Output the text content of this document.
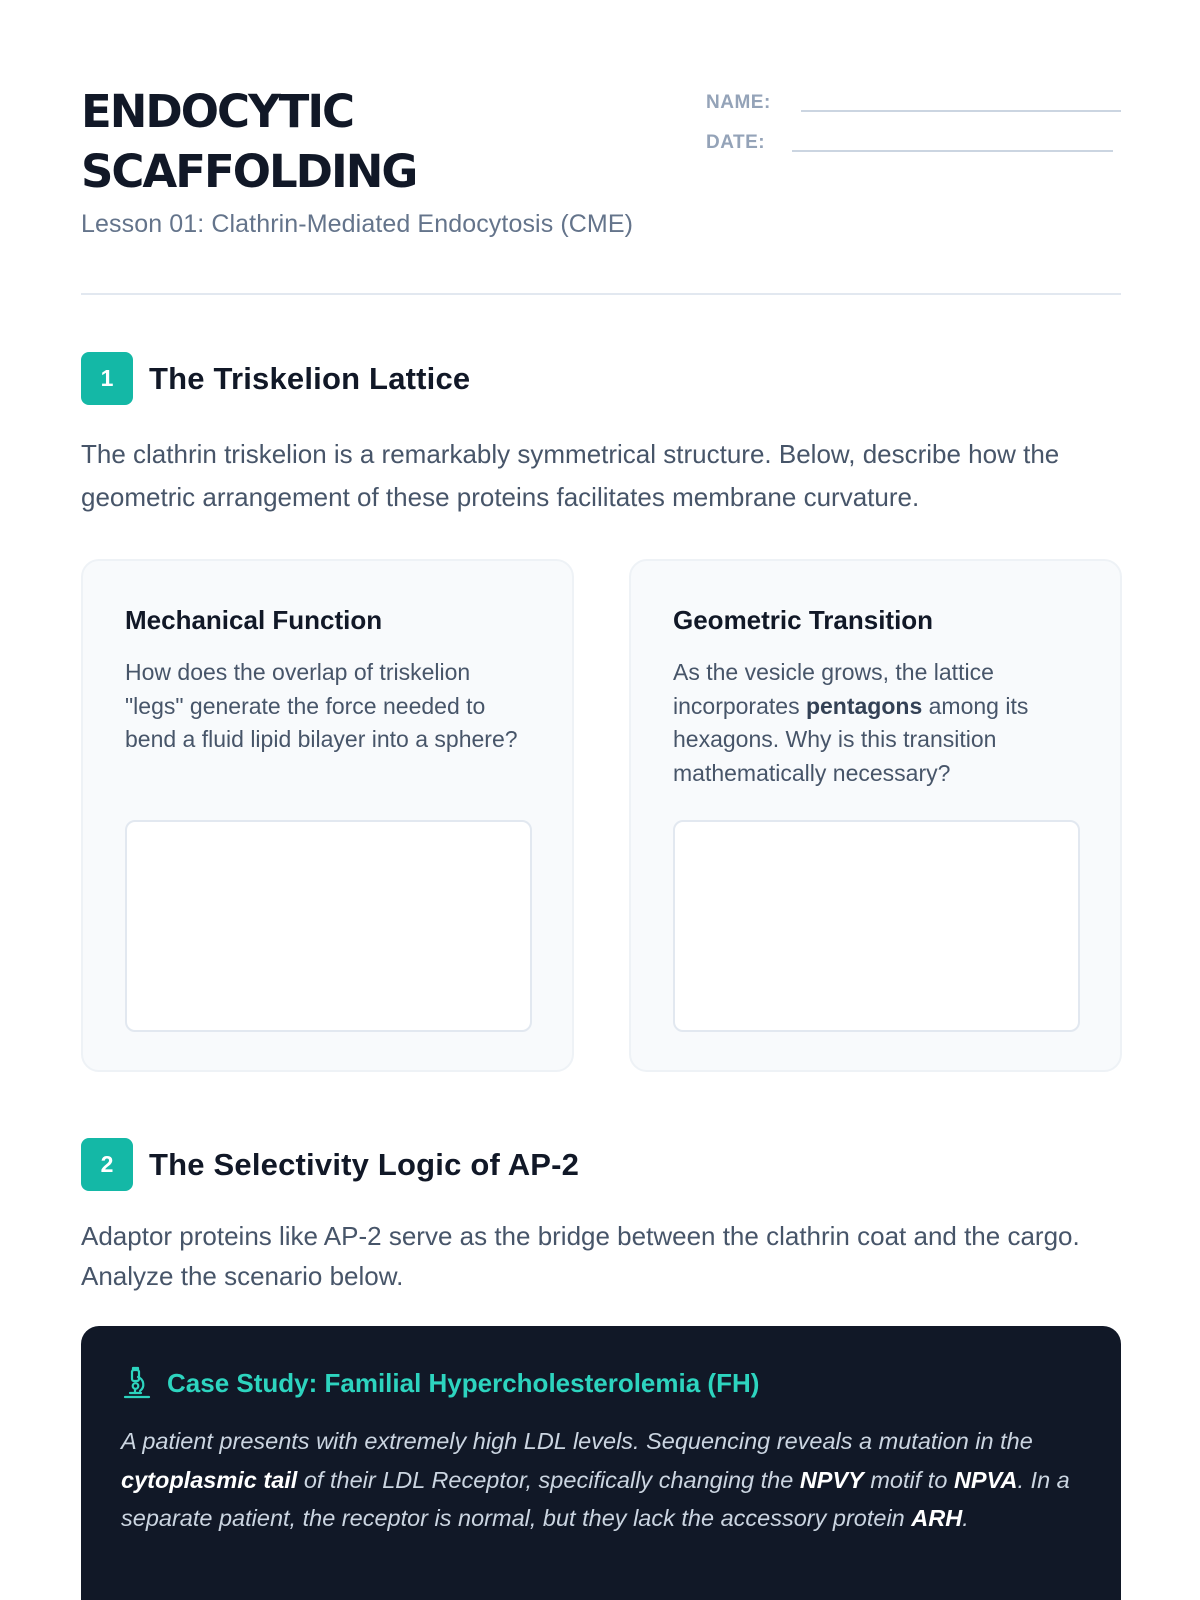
ENDOCYTIC
SCAFFOLDING
Lesson 01: Clathrin-Mediated Endocytosis (CME)
NAME:
DATE:
1	The Triskelion Lattice

The clathrin triskelion is a remarkably symmetrical structure. Below, describe how the geometric arrangement of these proteins facilitates membrane curvature.

Mechanical Function

How does the overlap of triskelion "legs" generate the force needed to bend a fluid lipid bilayer into a sphere?

Geometric Transition

As the vesicle grows, the lattice incorporates pentagons among its hexagons. Why is this transition mathematically necessary?

2	The Selectivity Logic of AP-2

Adaptor proteins like AP-2 serve as the bridge between the clathrin coat and the cargo. Analyze the scenario below.

Case Study: Familial Hypercholesterolemia (FH)

A patient presents with extremely high LDL levels. Sequencing reveals a mutation in the cytoplasmic tail of their LDL Receptor, specifically changing the NPVY motif to NPVA. In a separate patient, the receptor is normal, but they lack the accessory protein ARH.
